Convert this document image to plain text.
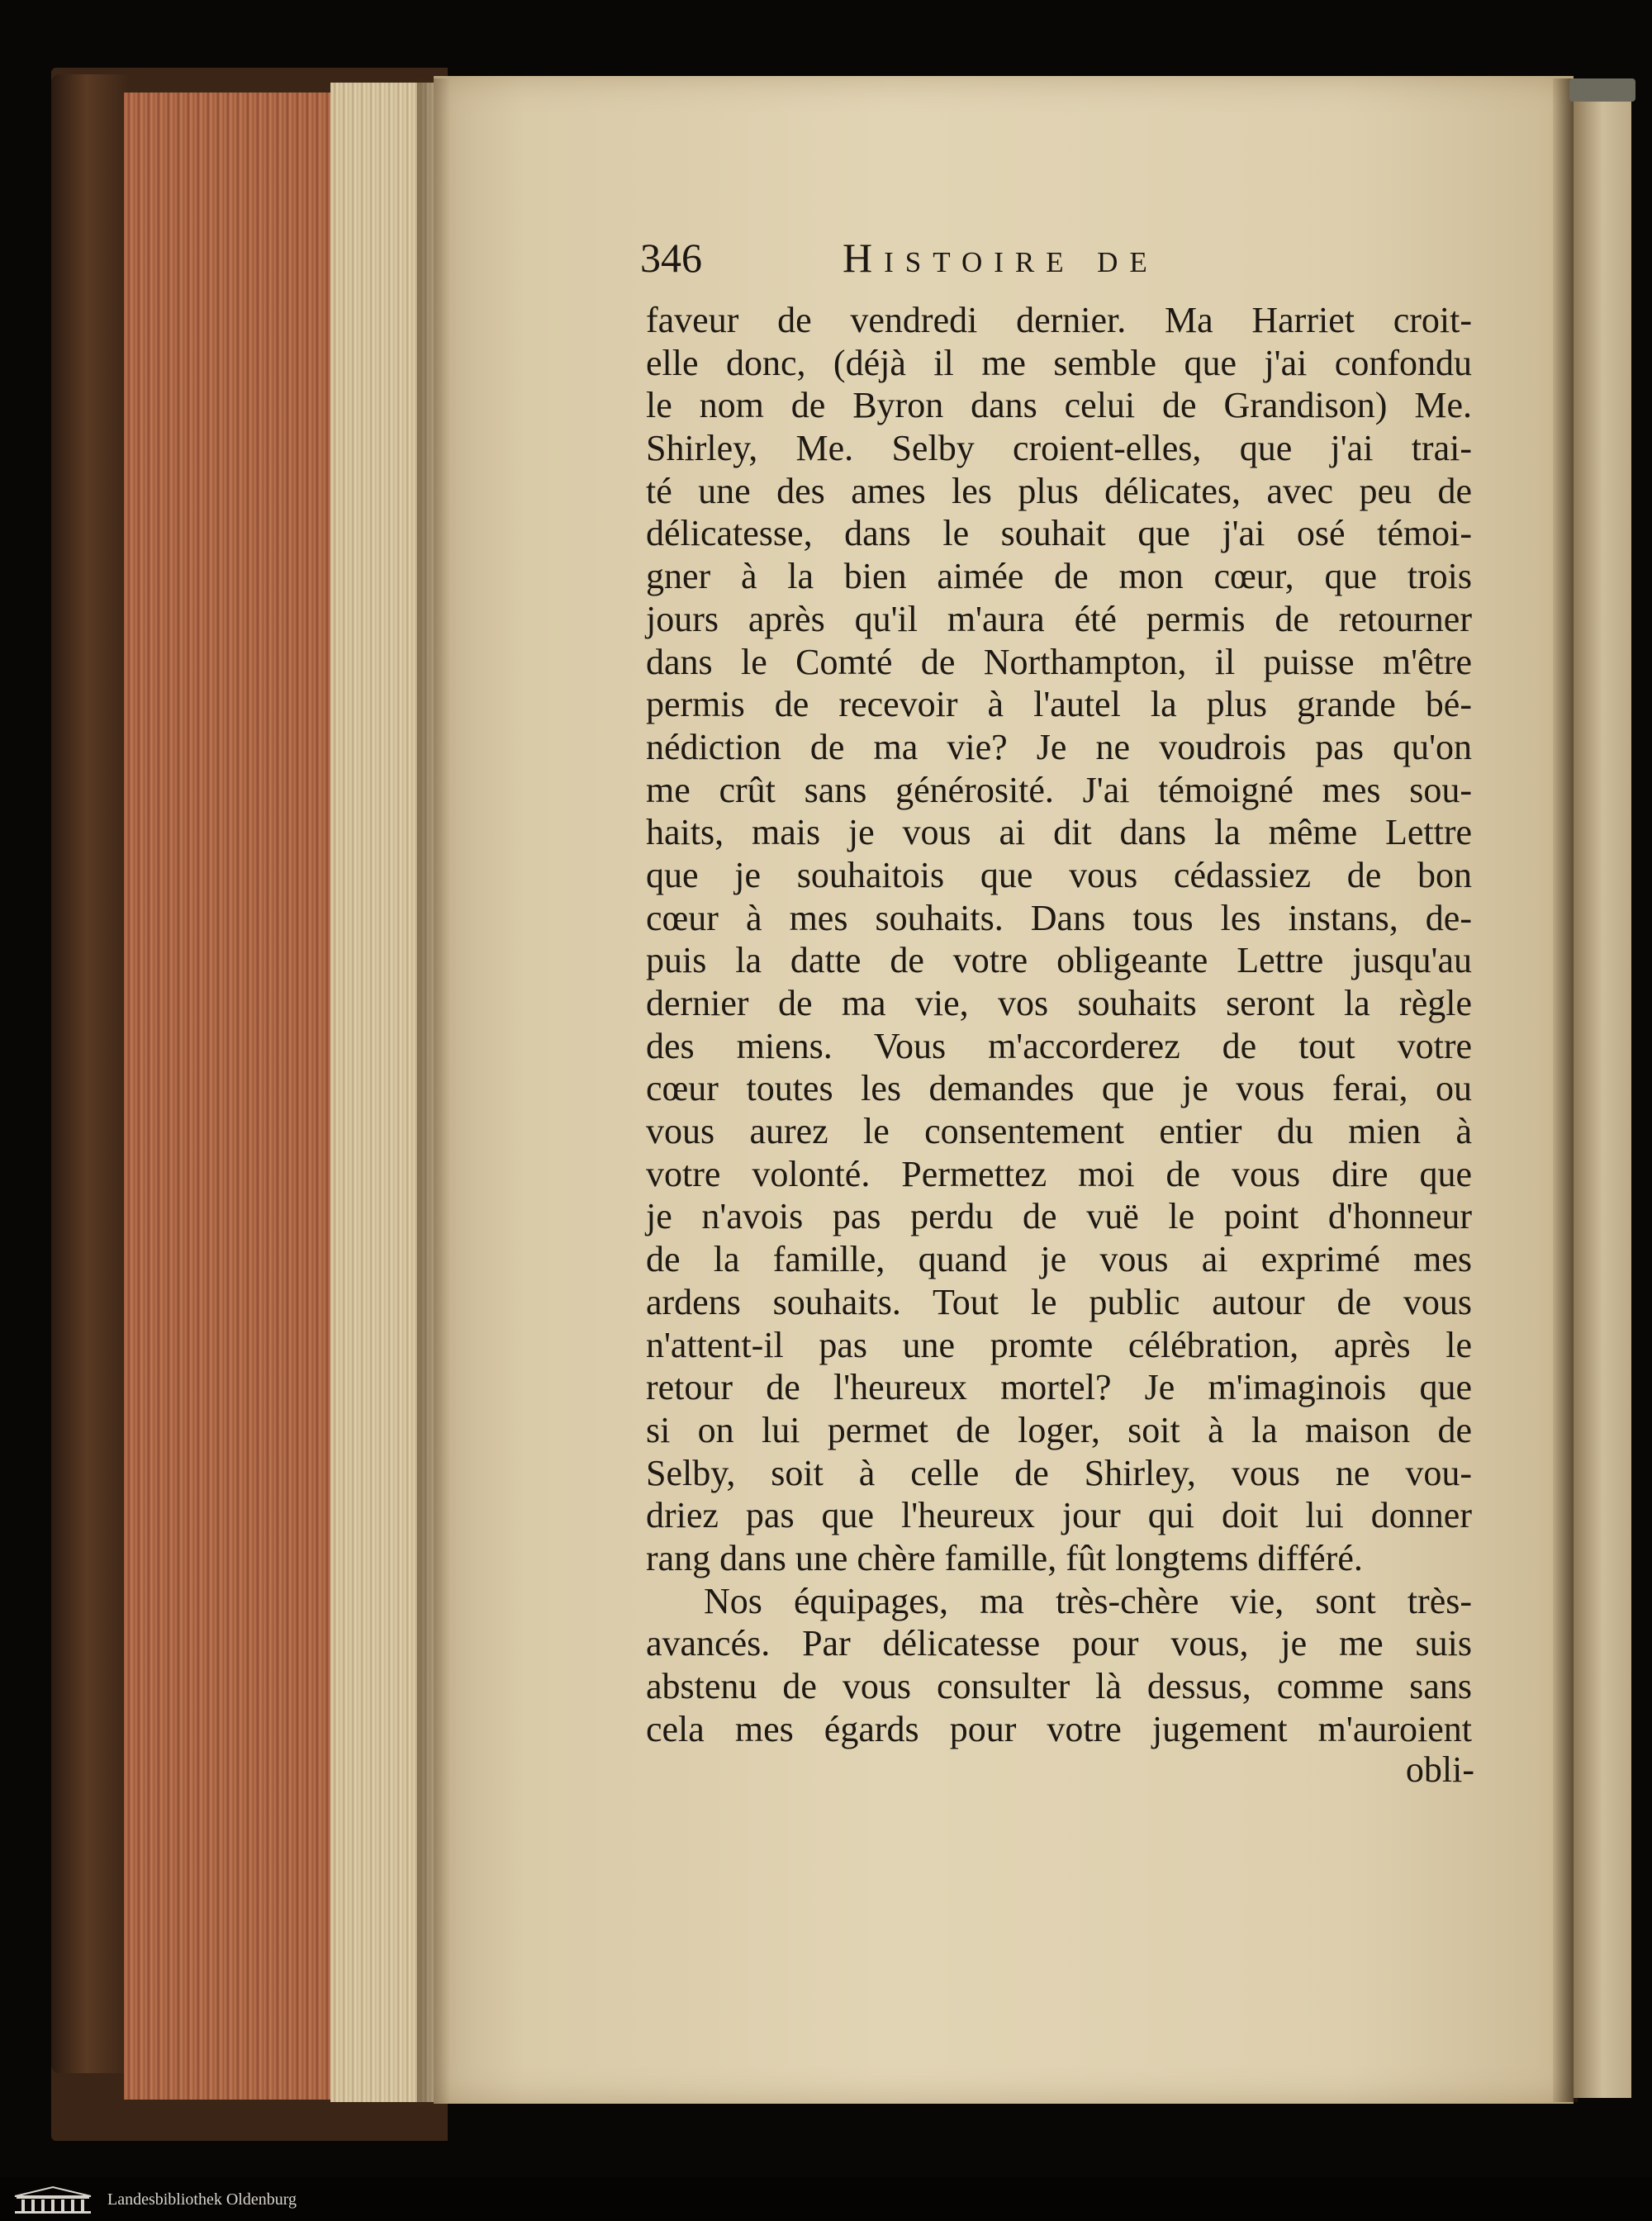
346	Histoire de
faveur de vendredi dernier. Ma Harriet croit-
elle donc, (déjà il me semble que j'ai confondu
le nom de Byron dans celui de Grandison) Me.
Shirley, Me. Selby croient-elles, que j'ai trai-
té une des ames les plus délicates, avec peu de
délicatesse, dans le souhait que j'ai osé témoi-
gner à la bien aimée de mon cœur, que trois
jours après qu'il m'aura été permis de retourner
dans le Comté de Northampton, il puisse m'être
permis de recevoir à l'autel la plus grande bé-
nédiction de ma vie? Je ne voudrois pas qu'on
me crût sans générosité. J'ai témoigné mes sou-
haits, mais je vous ai dit dans la même Lettre
que je souhaitois que vous cédassiez de bon
cœur à mes souhaits. Dans tous les instans, de-
puis la datte de votre obligeante Lettre jusqu'au
dernier de ma vie, vos souhaits seront la règle
des miens. Vous m'accorderez de tout votre
cœur toutes les demandes que je vous ferai, ou
vous aurez le consentement entier du mien à
votre volonté. Permettez moi de vous dire que
je n'avois pas perdu de vuë le point d'honneur
de la famille, quand je vous ai exprimé mes
ardens souhaits. Tout le public autour de vous
n'attent-il pas une promte célébration, après le
retour de l'heureux mortel? Je m'imaginois que
si on lui permet de loger, soit à la maison de
Selby, soit à celle de Shirley, vous ne vou-
driez pas que l'heureux jour qui doit lui donner
rang dans une chère famille, fût longtems différé.
Nos équipages, ma très-chère vie, sont très-
avancés. Par délicatesse pour vous, je me suis
abstenu de vous consulter là dessus, comme sans
cela mes égards pour votre jugement m'auroient
obli-
Landesbibliothek Oldenburg
